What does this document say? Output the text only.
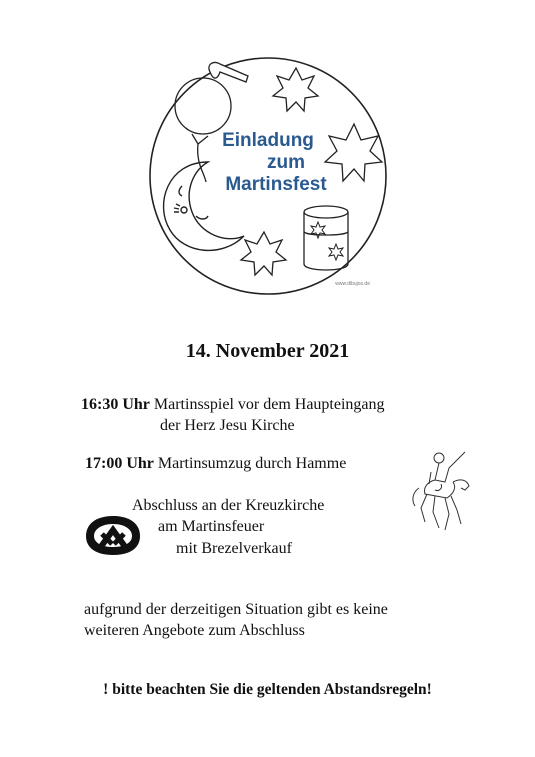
Einladung
zum
Martinsfest
www.dibujos.de
14. November 2021
16:30 Uhr Martinsspiel vor dem Haupteingang
der Herz Jesu Kirche
17:00 Uhr Martinsumzug durch Hamme
Abschluss an der Kreuzkirche
am Martinsfeuer
mit Brezelverkauf
aufgrund der derzeitigen Situation gibt es keine
weiteren Angebote zum Abschluss
! bitte beachten Sie die geltenden Abstandsregeln!
